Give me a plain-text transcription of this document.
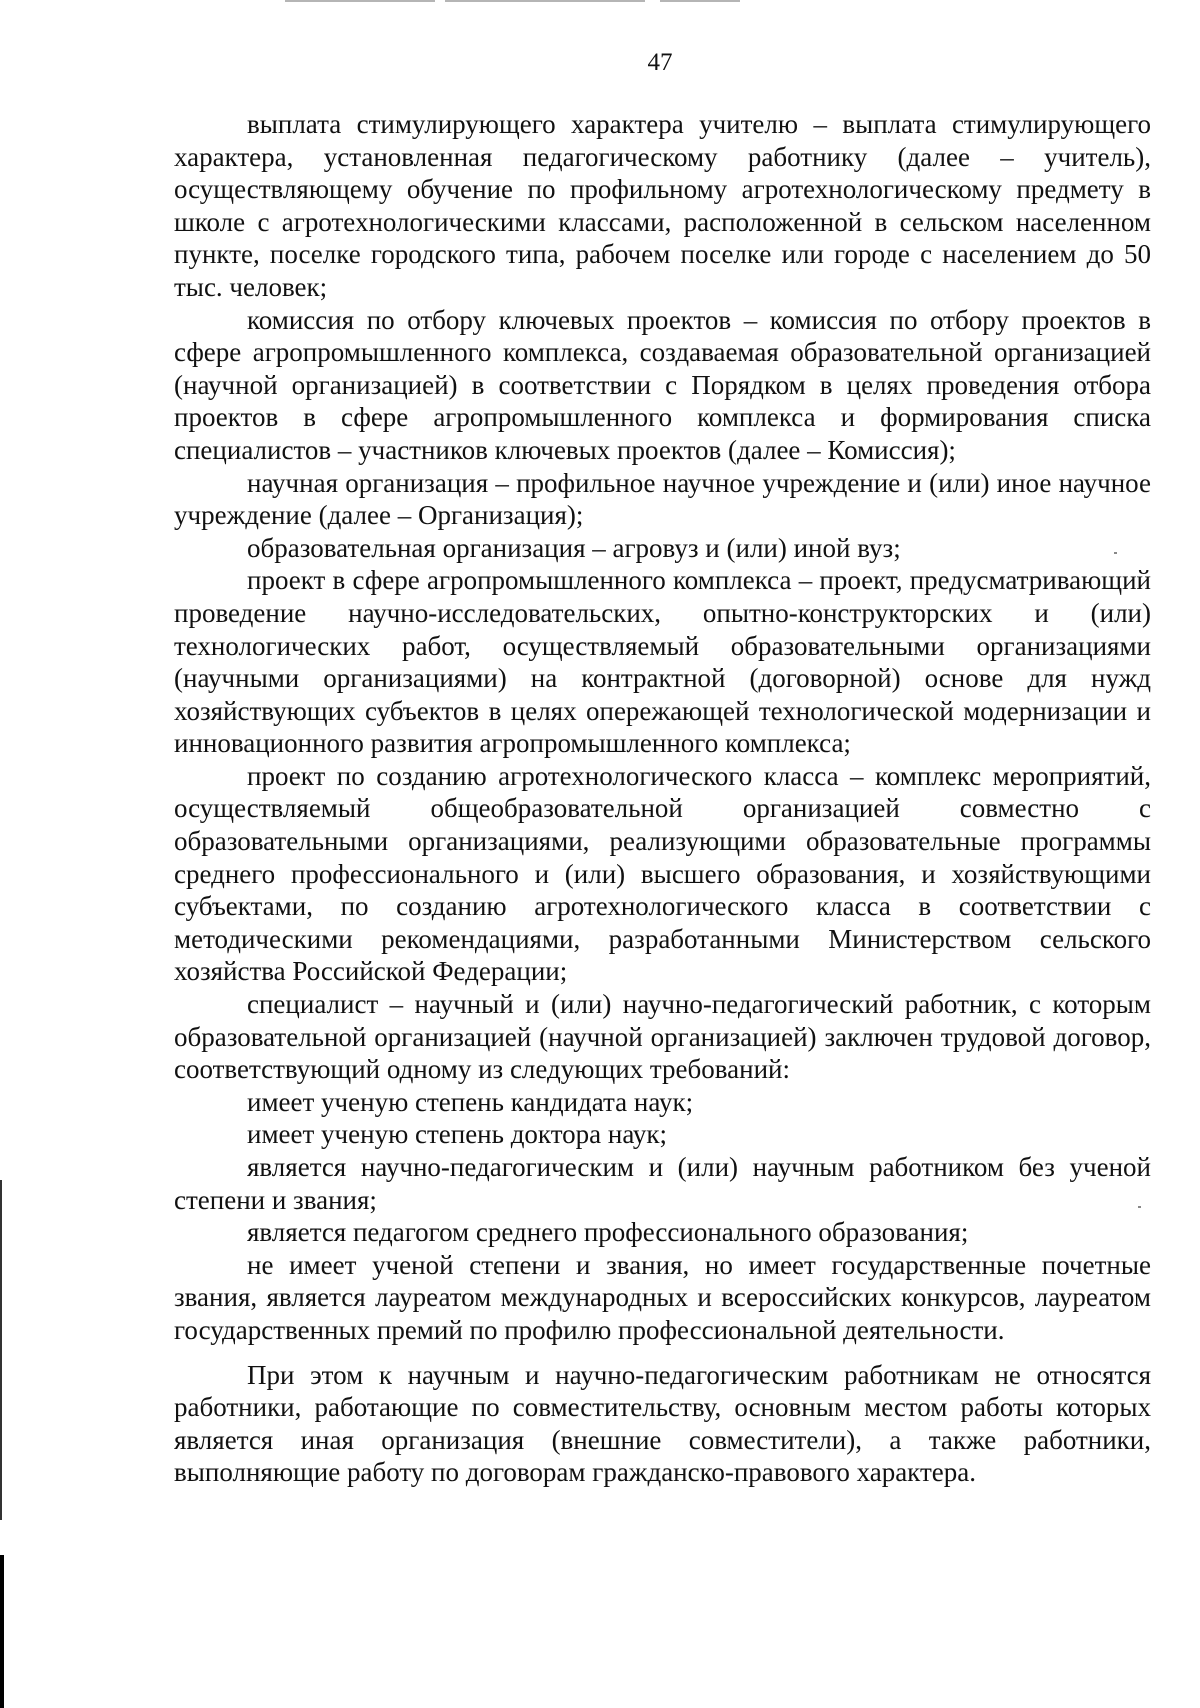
47

выплата стимулирующего характера учителю – выплата стимулирующего характера, установленная педагогическому работнику (далее – учитель), осуществляющему обучение по профильному агротехнологическому предмету в школе с агротехнологическими классами, расположенной в сельском населенном пункте, поселке городского типа, рабочем поселке или городе с населением до 50 тыс. человек;

комиссия по отбору ключевых проектов – комиссия по отбору проектов в сфере агропромышленного комплекса, создаваемая образовательной организацией (научной организацией) в соответствии с Порядком в целях проведения отбора проектов в сфере агропромышленного комплекса и формирования списка специалистов – участников ключевых проектов (далее – Комиссия);

научная организация – профильное научное учреждение и (или) иное научное учреждение (далее – Организация);

образовательная организация – агровуз и (или) иной вуз;

проект в сфере агропромышленного комплекса – проект, предусматривающий проведение научно-исследовательских, опытно-конструкторских и (или) технологических работ, осуществляемый образовательными организациями (научными организациями) на контрактной (договорной) основе для нужд хозяйствующих субъектов в целях опережающей технологической модернизации и инновационного развития агропромышленного комплекса;

проект по созданию агротехнологического класса – комплекс мероприятий, осуществляемый общеобразовательной организацией совместно с образовательными организациями, реализующими образовательные программы среднего профессионального и (или) высшего образования, и хозяйствующими субъектами, по созданию агротехнологического класса в соответствии с методическими рекомендациями, разработанными Министерством сельского хозяйства Российской Федерации;

специалист – научный и (или) научно-педагогический работник, с которым образовательной организацией (научной организацией) заключен трудовой договор, соответствующий одному из следующих требований:

имеет ученую степень кандидата наук;

имеет ученую степень доктора наук;

является научно-педагогическим и (или) научным работником без ученой степени и звания;

является педагогом среднего профессионального образования;

не имеет ученой степени и звания, но имеет государственные почетные звания, является лауреатом международных и всероссийских конкурсов, лауреатом государственных премий по профилю профессиональной деятельности.

При этом к научным и научно-педагогическим работникам не относятся работники, работающие по совместительству, основным местом работы которых является иная организация (внешние совместители), а также работники, выполняющие работу по договорам гражданско-правового характера.
